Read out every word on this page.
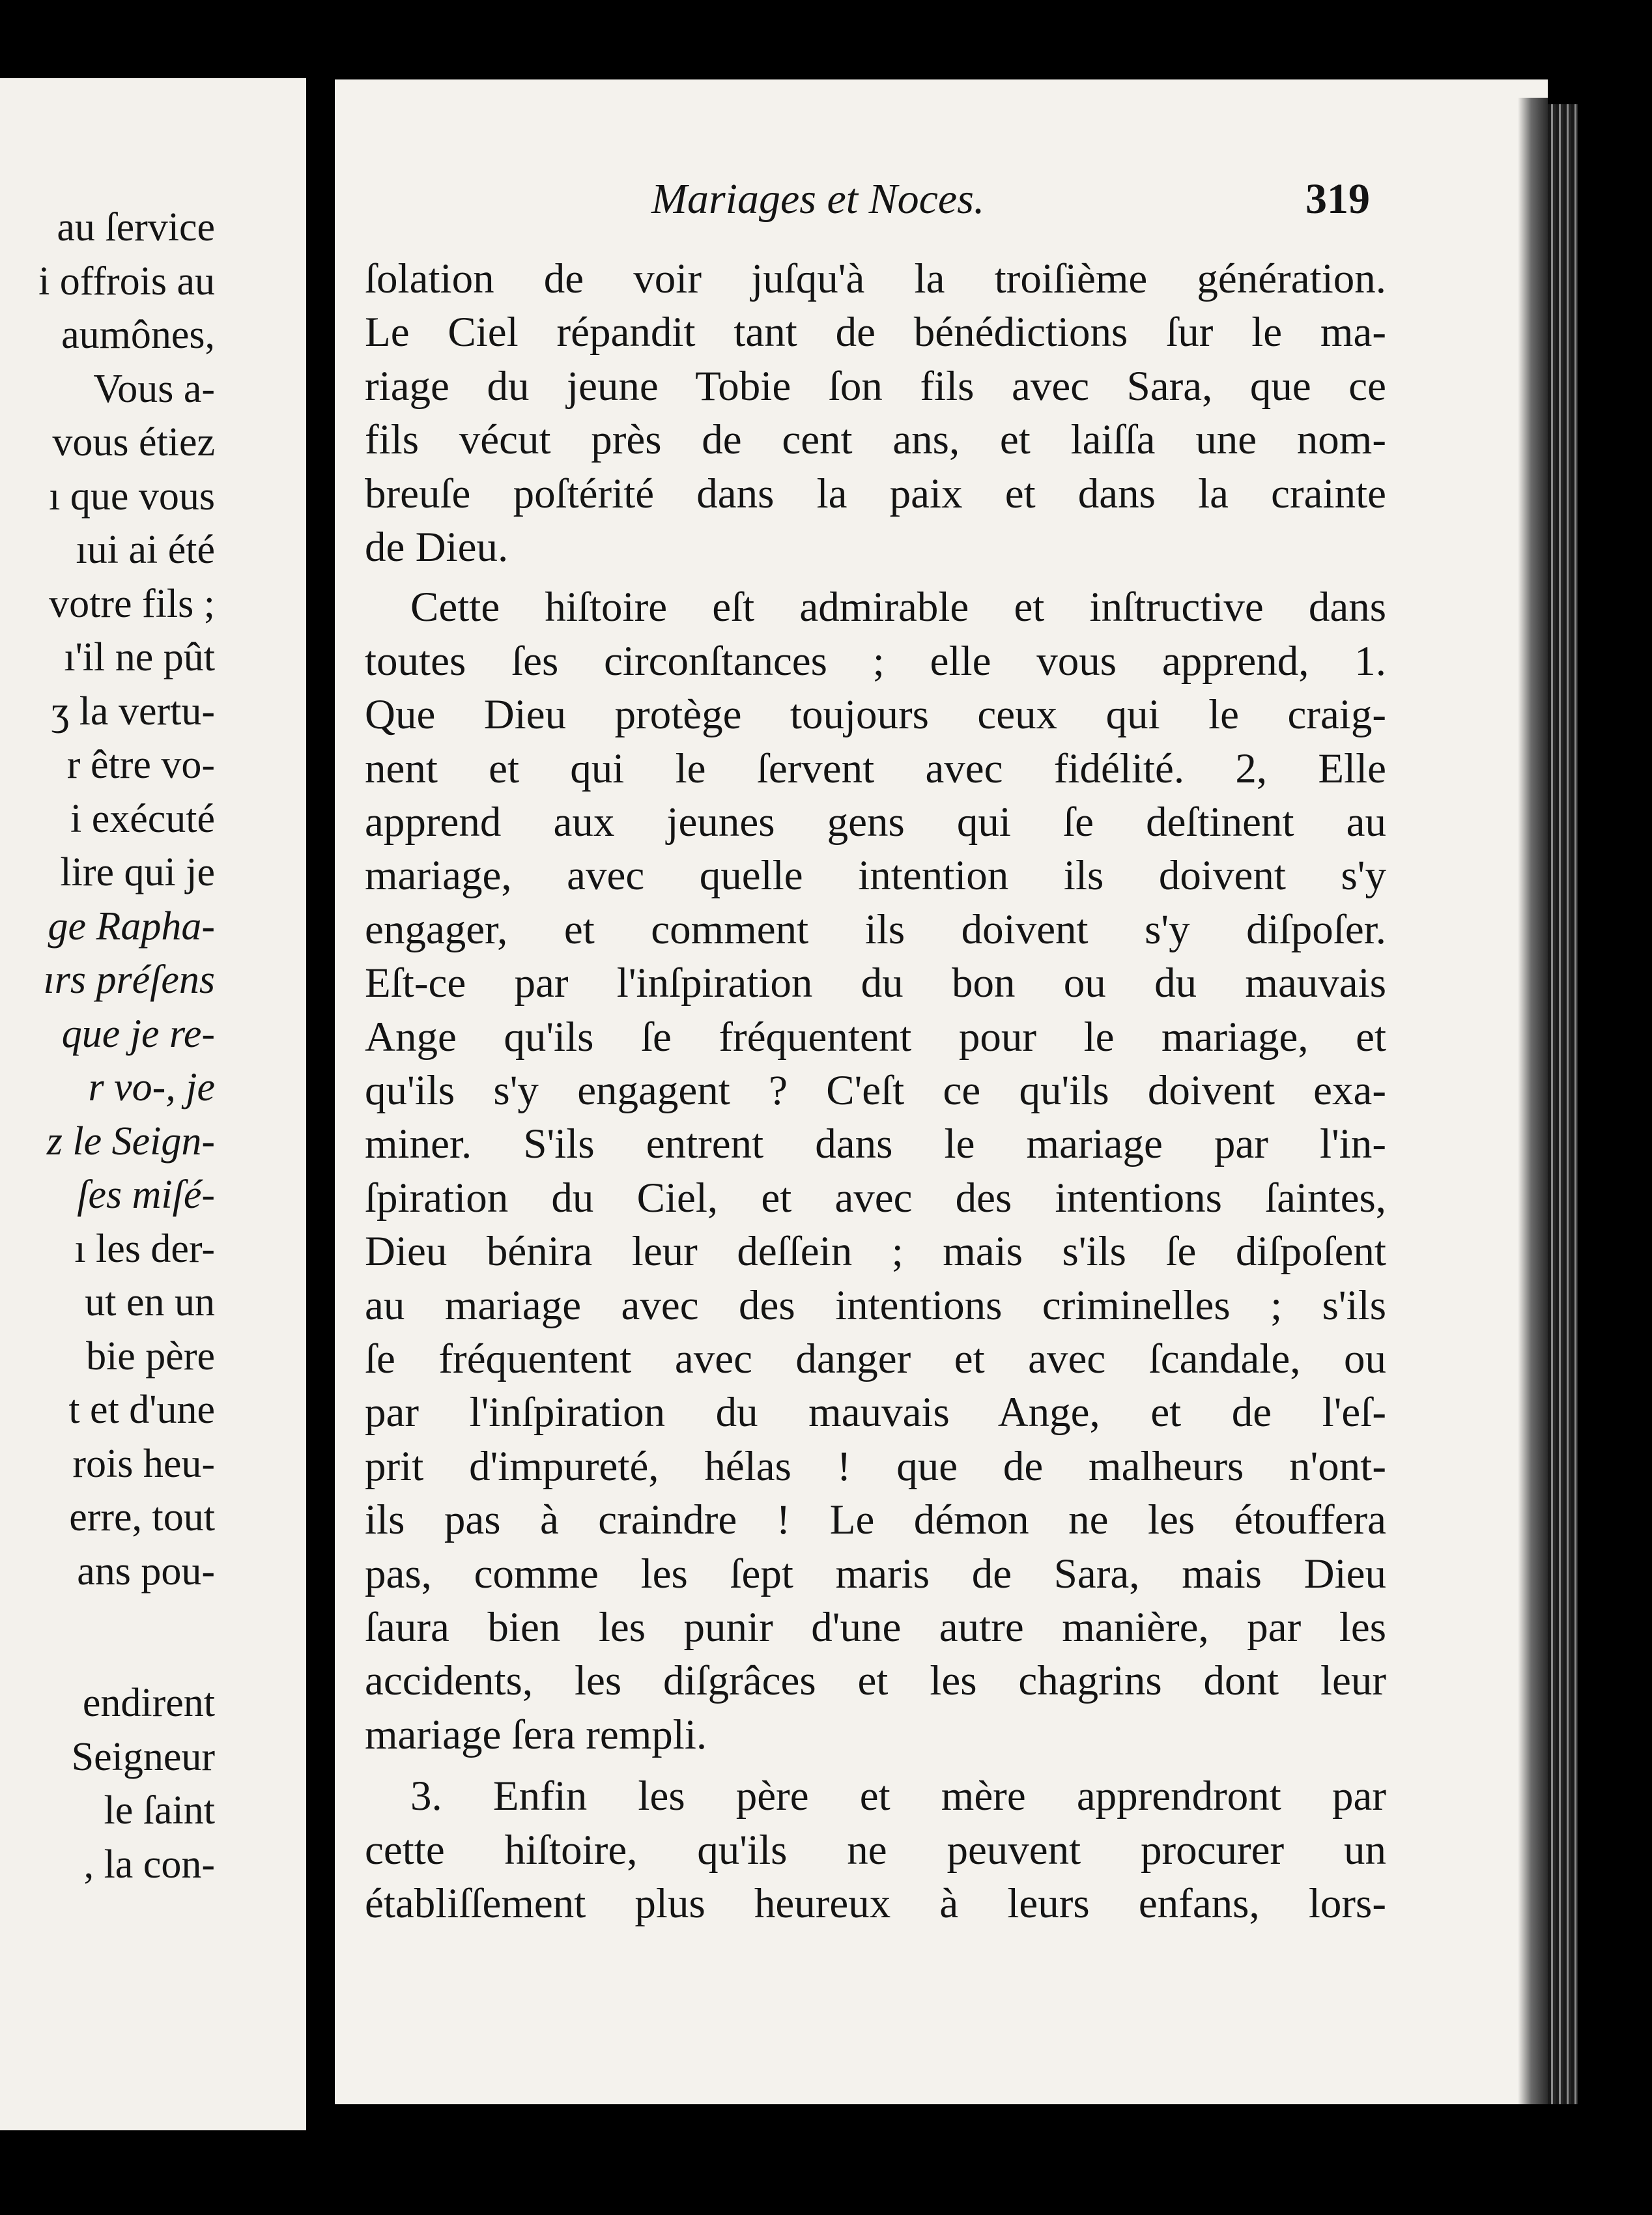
au ſervice
i offrois au
aumônes,
Vous a-
vous étiez
ı que vous
ıui ai été
votre fils ;
ı'il ne pût
ʒ la vertu-
r être vo-
i exécuté
lire qui je
ge Rapha-
ırs préſens
que je re-
r vo-, je
z le Seign-
ſes miſé-
ı les der-
ut en un
bie père
t et d'une
rois heu-
erre, tout
ans pou-
endirent
Seigneur
le ſaint
, la con-
Mariages et Noces.	319
ſolation de voir juſqu'à la troiſième génération.
Le Ciel répandit tant de bénédictions ſur le ma-
riage du jeune Tobie ſon fils avec Sara, que ce
fils vécut près de cent ans, et laiſſa une nom-
breuſe poſtérité dans la paix et dans la crainte
de Dieu.
Cette hiſtoire eſt admirable et inſtructive dans
toutes ſes circonſtances ; elle vous apprend, 1.
Que Dieu protège toujours ceux qui le craig-
nent et qui le ſervent avec fidélité. 2, Elle
apprend aux jeunes gens qui ſe deſtinent au
mariage, avec quelle intention ils doivent s'y
engager, et comment ils doivent s'y diſpoſer.
Eſt-ce par l'inſpiration du bon ou du mauvais
Ange qu'ils ſe fréquentent pour le mariage, et
qu'ils s'y engagent ? C'eſt ce qu'ils doivent exa-
miner. S'ils entrent dans le mariage par l'in-
ſpiration du Ciel, et avec des intentions ſaintes,
Dieu bénira leur deſſein ; mais s'ils ſe diſpoſent
au mariage avec des intentions criminelles ; s'ils
ſe fréquentent avec danger et avec ſcandale, ou
par l'inſpiration du mauvais Ange, et de l'eſ-
prit d'impureté, hélas ! que de malheurs n'ont-
ils pas à craindre ! Le démon ne les étouffera
pas, comme les ſept maris de Sara, mais Dieu
ſaura bien les punir d'une autre manière, par les
accidents, les diſgrâces et les chagrins dont leur
mariage ſera rempli.
3. Enfin les père et mère apprendront par
cette hiſtoire, qu'ils ne peuvent procurer un
établiſſement plus heureux à leurs enfans, lors-
